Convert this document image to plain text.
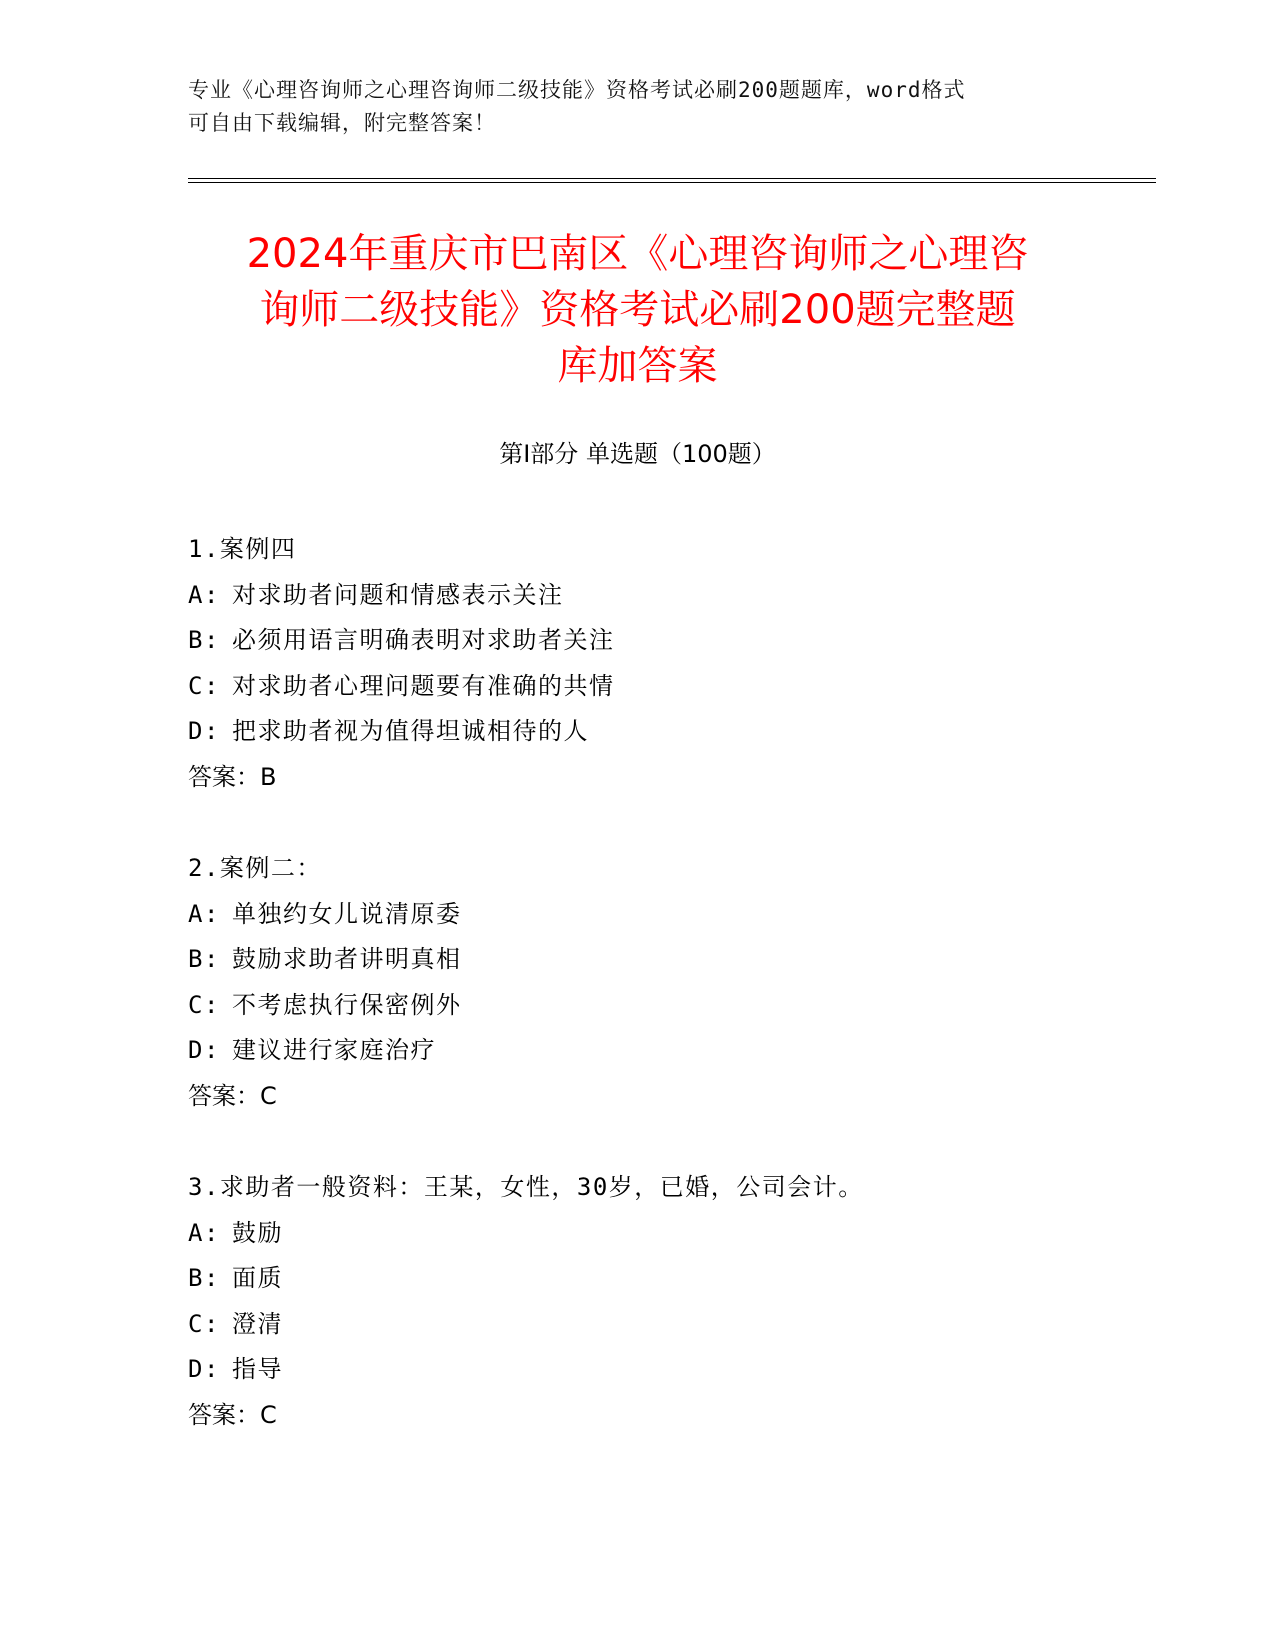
专业《心理咨询师之心理咨询师二级技能》资格考试必刷200题题库，word格式
可自由下载编辑，附完整答案！
2024年重庆市巴南区《心理咨询师之心理咨
询师二级技能》资格考试必刷200题完整题
库加答案
第Ⅰ部分 单选题（100题）
1.案例四
A: 对求助者问题和情感表示关注
B: 必须用语言明确表明对求助者关注
C: 对求助者心理问题要有准确的共情
D: 把求助者视为值得坦诚相待的人
答案：B
2.案例二：
A: 单独约女儿说清原委
B: 鼓励求助者讲明真相
C: 不考虑执行保密例外
D: 建议进行家庭治疗
答案：C
3.求助者一般资料：王某，女性，30岁，已婚，公司会计。
A: 鼓励
B: 面质
C: 澄清
D: 指导
答案：C
